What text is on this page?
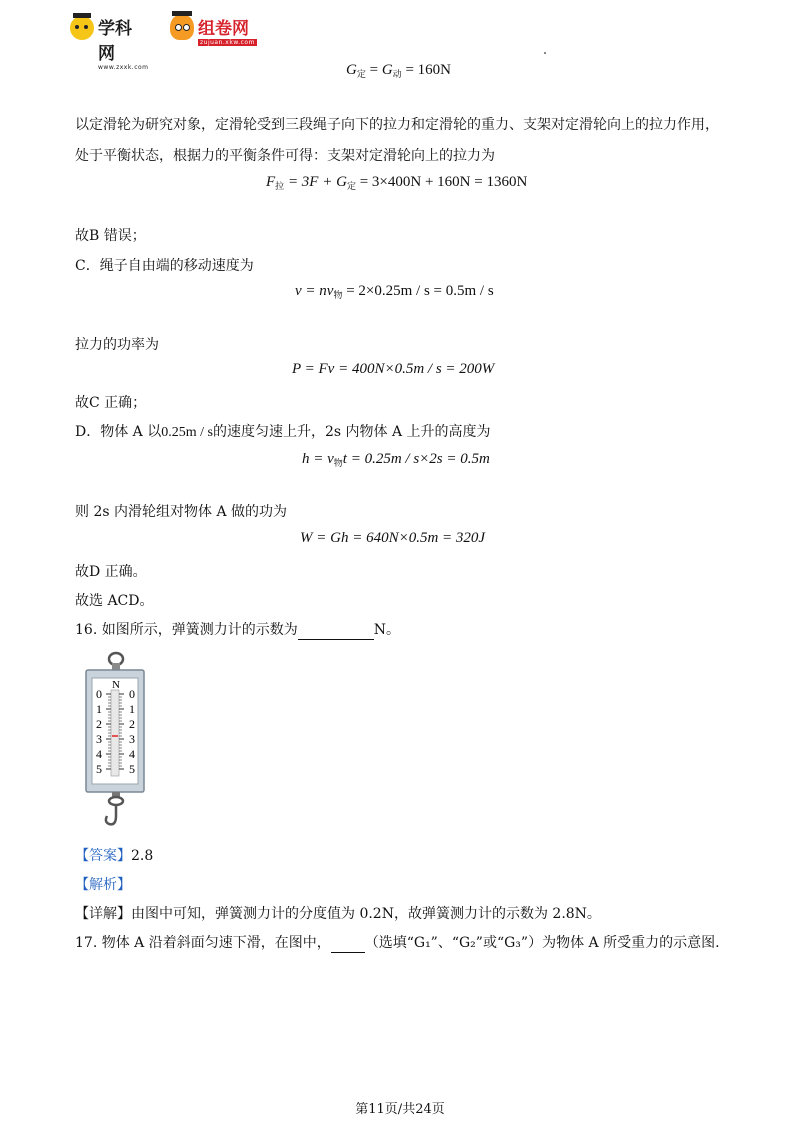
学科网
www.zxxk.com
组卷网
zujuan.xkw.com
$G_定 = G_动 = 160N$
以定滑轮为研究对象，定滑轮受到三段绳子向下的拉力和定滑轮的重力、支架对定滑轮向上的拉力作用，
处于平衡状态，根据力的平衡条件可得：支架对定滑轮向上的拉力为
$F_拉 = 3F + G_定 = 3\times 400N + 160N = 1360N$
故B 错误；
C．绳子自由端的移动速度为
$v = nv_物 = 2\times 0.25m / s = 0.5m / s$
拉力的功率为
P = Fv = 400N×0.5m / s = 200W
故C 正确；
D．物体 A 以0.25m / s的速度匀速上升，2s 内物体 A 上升的高度为
$h = v_物t = 0.25m / s\times 2s = 0.5m$
则 2s 内滑轮组对物体 A 做的功为
W = Gh = 640N×0.5m = 320J
故D 正确。
故选 ACD。
16. 如图所示，弹簧测力计的示数为	N。
N
0
1
2
3
4
5
0
1
2
3
4
5
【答案】2.8
【解析】
【详解】由图中可知，弹簧测力计的分度值为 0.2N，故弹簧测力计的示数为 2.8N。
17. 物体 A 沿着斜面匀速下滑，在图中， （选填“G₁”、“G₂”或“G₃”）为物体 A 所受重力的示意图.
第11页/共24页
